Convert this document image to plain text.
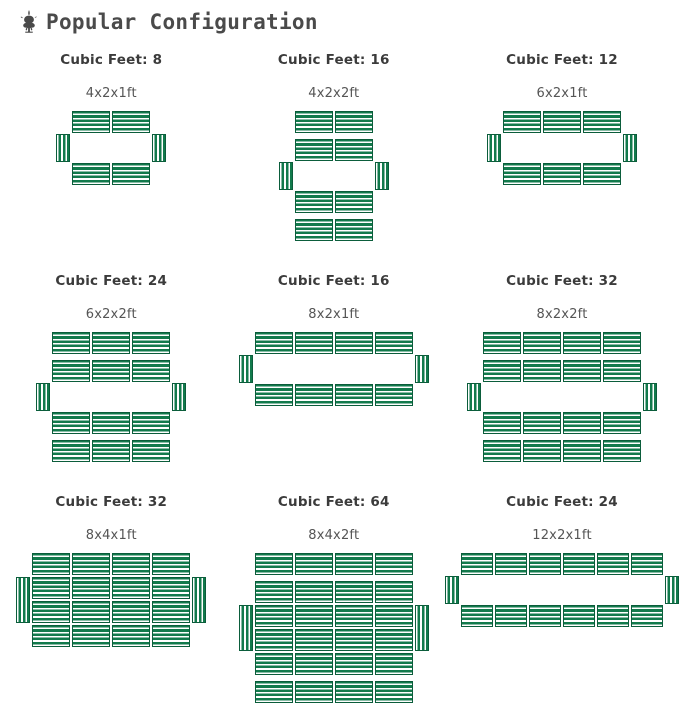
Popular Configuration
Cubic Feet: 8
4x2x1ft
Cubic Feet: 16
4x2x2ft
Cubic Feet: 12
6x2x1ft
Cubic Feet: 24
6x2x2ft
Cubic Feet: 16
8x2x1ft
Cubic Feet: 32
8x2x2ft
Cubic Feet: 32
8x4x1ft
Cubic Feet: 64
8x4x2ft
Cubic Feet: 24
12x2x1ft
